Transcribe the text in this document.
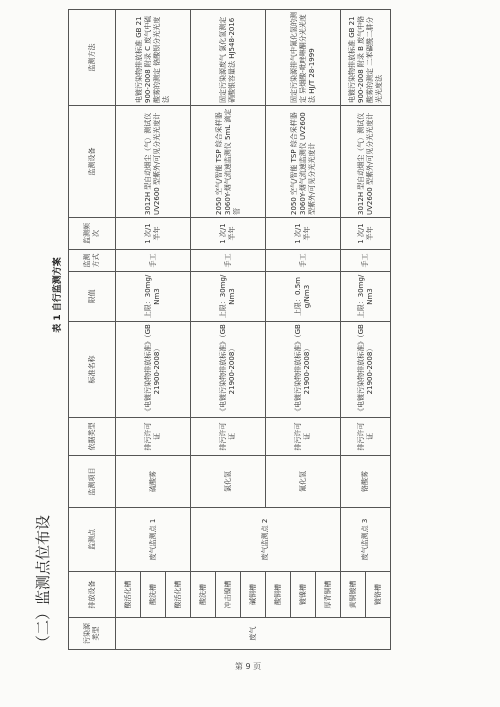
（二）监测点位布设
表 1 自行监测方案
污染源类型	排放设备	监测点	监测项目	依据类型	标准名称	限值	监测方式	监测频次	监测设备	监测方法
废气	酸活化槽	废气监测点 1	硫酸雾	排污许可证	《电镀污染物排放标准》（GB 21900-2008）	上限：30mg/Nm3	手工	1 次/1 半年	3012H 型自动烟尘（气）测试仪 UV2600 型紫外/可见分光光度计	电镀污染物排放标准 GB 21900-2008 附录 C 废气中硫酸雾的测定 铬酸钡分光光度法
	酸洗槽									
	酸活化槽									
	酸洗槽	废气监测点 2	氯化氢	排污许可证	《电镀污染物排放标准》（GB 21900-2008）	上限：30mg/Nm3	手工	1 次/1 半年	2050 空气/智能 TSP 综合采样器 3060Y-烟气流速监测仪 5mL 滴定管	固定污染源废气 氯化氢测定 硝酸银容量法 HJ548-2016
	冲击镍槽									
	碱铜槽									
	酸铜槽		氰化氢	排污许可证	《电镀污染物排放标准》（GB 21900-2008）	上限：0.5mg/Nm3	手工	1 次/1 半年	2050 空气/智能 TSP 综合采样器 3060Y-烟气流速监测仪 UV2600 型紫外/可见分光光度计	固定污染源排气中氰化氢的测定 异烟酸-吡唑啉酮分光光度法 HJ/T 28-1999
	镀镍槽									
	厚背铜槽									
	黄铜镀槽	废气监测点 3	铬酸雾	排污许可证	《电镀污染物排放标准》（GB 21900-2008）	上限：30mg/Nm3	手工	1 次/1 半年	3012H 型自动烟尘（气）测试仪 UV2600 型紫外/可见分光光度计	电镀污染物排放标准 GB 21900-2008 附录 B 废气中铬酸雾的测定 二苯碳酰二肼分光光度法
	镀铬槽									
第 9 页
